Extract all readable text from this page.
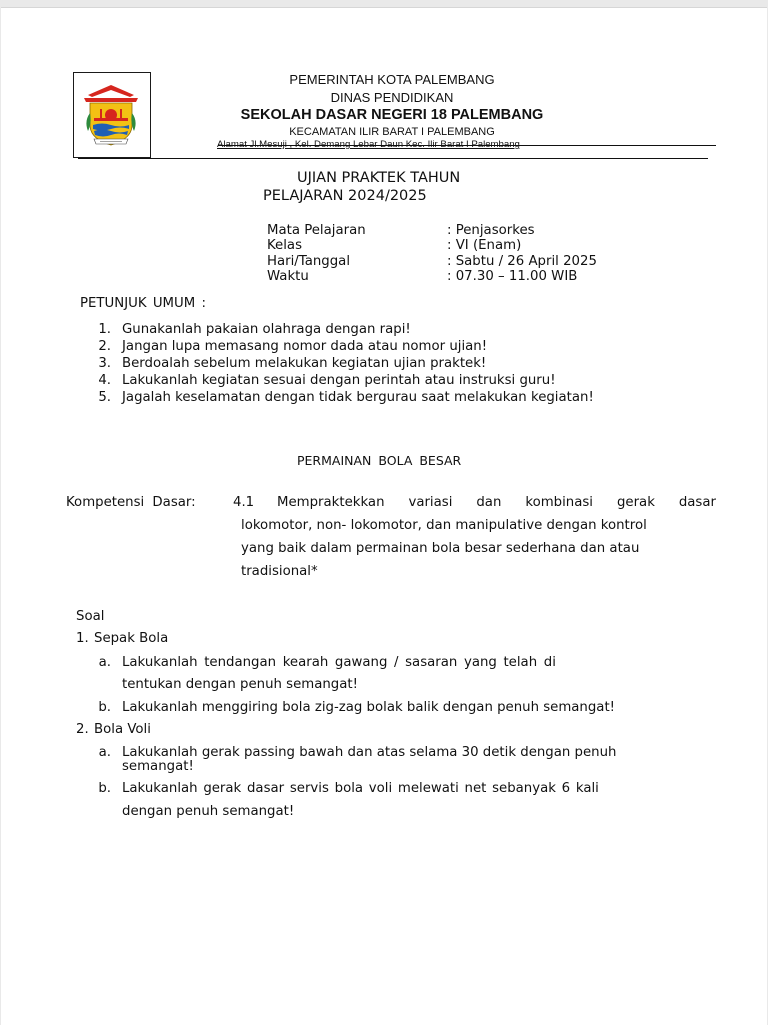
PEMERINTAH KOTA PALEMBANG
DINAS PENDIDIKAN
SEKOLAH DASAR NEGERI 18 PALEMBANG
KECAMATAN ILIR BARAT I PALEMBANG
Alamat Jl.Mesuji , Kel. Demang Lebar Daun Kec. Ilir Barat I Palembang
UJIAN PRAKTEK TAHUN
PELAJARAN 2024/2025
Mata Pelajaran	: Penjasorkes
Kelas	: VI (Enam)
Hari/Tanggal	: Sabtu / 26 April 2025
Waktu	: 07.30 – 11.00 WIB
PETUNJUK UMUM :
1. Gunakanlah pakaian olahraga dengan rapi!
2. Jangan lupa memasang nomor dada atau nomor ujian!
3. Berdoalah sebelum melakukan kegiatan ujian praktek!
4. Lakukanlah kegiatan sesuai dengan perintah atau instruksi guru!
5. Jagalah keselamatan dengan tidak bergurau saat melakukan kegiatan!
PERMAINAN BOLA BESAR
Kompetensi Dasar:	4.1 Mempraktekkan variasi dan kombinasi gerak dasar
lokomotor, non- lokomotor, dan manipulative dengan kontrol
yang baik dalam permainan bola besar sederhana dan atau
tradisional*
Soal
1. Sepak Bola
a. Lakukanlah tendangan kearah gawang / sasaran yang telah di
tentukan dengan penuh semangat!
b. Lakukanlah menggiring bola zig-zag bolak balik dengan penuh semangat!
2. Bola Voli
a. Lakukanlah gerak passing bawah dan atas selama 30 detik dengan penuh
semangat!
b. Lakukanlah gerak dasar servis bola voli melewati net sebanyak 6 kali
dengan penuh semangat!
